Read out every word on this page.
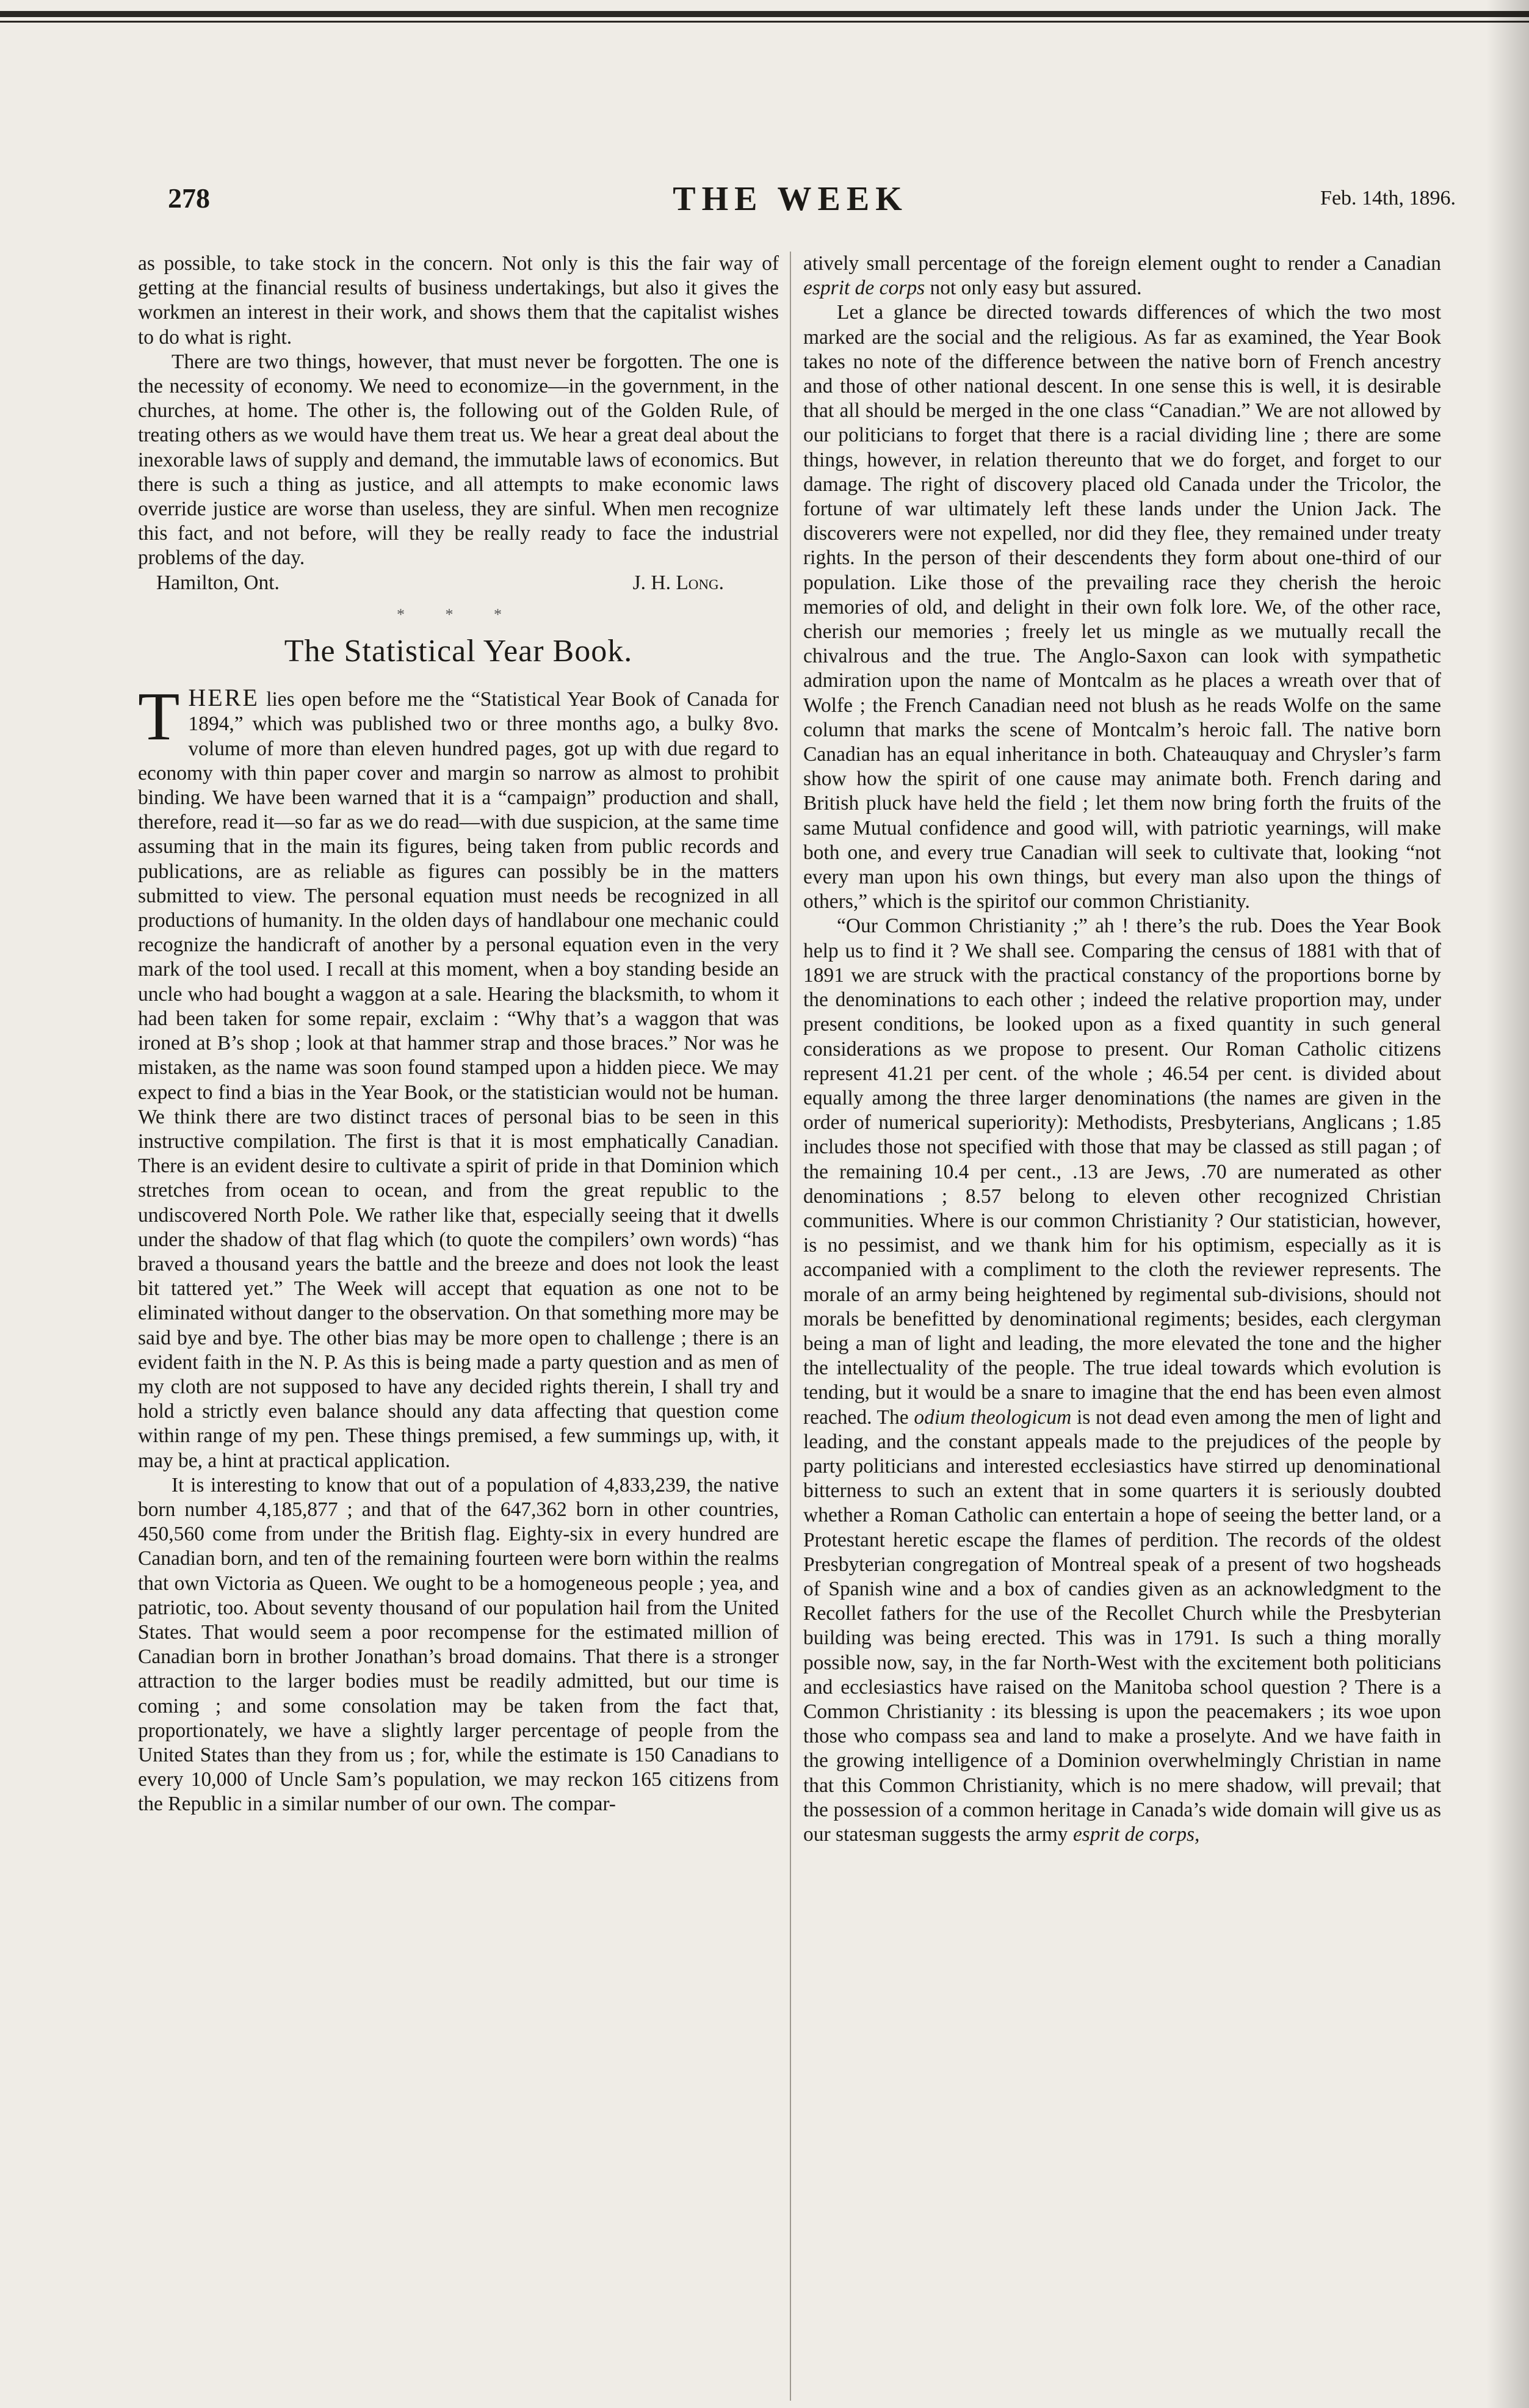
278	THE WEEK	Feb. 14th, 1896.

as possible, to take stock in the concern. Not only is this the fair way of getting at the financial results of business undertakings, but also it gives the workmen an interest in their work, and shows them that the capitalist wishes to do what is right.

There are two things, however, that must never be forgotten. The one is the necessity of economy. We need to economize—in the government, in the churches, at home. The other is, the following out of the Golden Rule, of treating others as we would have them treat us. We hear a great deal about the inexorable laws of supply and demand, the immutable laws of economics. But there is such a thing as justice, and all attempts to make economic laws override justice are worse than useless, they are sinful. When men recognize this fact, and not before, will they be really ready to face the industrial problems of the day.

Hamilton, Ont.	J. H. Long.
* * *
The Statistical Year Book.

THERE lies open before me the “Statistical Year Book of Canada for 1894,” which was published two or three months ago, a bulky 8vo. volume of more than eleven hundred pages, got up with due regard to economy with thin paper cover and margin so narrow as almost to prohibit binding. We have been warned that it is a “campaign” production and shall, therefore, read it—so far as we do read—with due suspicion, at the same time assuming that in the main its figures, being taken from public records and publications, are as reliable as figures can possibly be in the matters submitted to view. The personal equation must needs be recognized in all productions of humanity. In the olden days of handlabour one mechanic could recognize the handicraft of another by a personal equation even in the very mark of the tool used. I recall at this moment, when a boy standing beside an uncle who had bought a waggon at a sale. Hearing the blacksmith, to whom it had been taken for some repair, exclaim : “Why that’s a waggon that was ironed at B’s shop ; look at that hammer strap and those braces.” Nor was he mistaken, as the name was soon found stamped upon a hidden piece. We may expect to find a bias in the Year Book, or the statistician would not be human. We think there are two distinct traces of personal bias to be seen in this instructive compilation. The first is that it is most emphatically Canadian. There is an evident desire to cultivate a spirit of pride in that Dominion which stretches from ocean to ocean, and from the great republic to the undiscovered North Pole. We rather like that, especially seeing that it dwells under the shadow of that flag which (to quote the compilers’ own words) “has braved a thousand years the battle and the breeze and does not look the least bit tattered yet.” The Week will accept that equation as one not to be eliminated without danger to the observation. On that something more may be said bye and bye. The other bias may be more open to challenge ; there is an evident faith in the N. P. As this is being made a party question and as men of my cloth are not supposed to have any decided rights therein, I shall try and hold a strictly even balance should any data affecting that question come within range of my pen. These things premised, a few summings up, with, it may be, a hint at practical application.

It is interesting to know that out of a population of 4,833,239, the native born number 4,185,877 ; and that of the 647,362 born in other countries, 450,560 come from under the British flag. Eighty-six in every hundred are Canadian born, and ten of the remaining fourteen were born within the realms that own Victoria as Queen. We ought to be a homogeneous people ; yea, and patriotic, too. About seventy thousand of our population hail from the United States. That would seem a poor recompense for the estimated million of Canadian born in brother Jonathan’s broad domains. That there is a stronger attraction to the larger bodies must be readily admitted, but our time is coming ; and some consolation may be taken from the fact that, proportionately, we have a slightly larger percentage of people from the United States than they from us ; for, while the estimate is 150 Canadians to every 10,000 of Uncle Sam’s population, we may reckon 165 citizens from the Republic in a similar number of our own. The compar-

atively small percentage of the foreign element ought to render a Canadian esprit de corps not only easy but assured.

Let a glance be directed towards differences of which the two most marked are the social and the religious. As far as examined, the Year Book takes no note of the difference between the native born of French ancestry and those of other national descent. In one sense this is well, it is desirable that all should be merged in the one class “Canadian.” We are not allowed by our politicians to forget that there is a racial dividing line ; there are some things, however, in relation thereunto that we do forget, and forget to our damage. The right of discovery placed old Canada under the Tricolor, the fortune of war ultimately left these lands under the Union Jack. The discoverers were not expelled, nor did they flee, they remained under treaty rights. In the person of their descendents they form about one-third of our population. Like those of the prevailing race they cherish the heroic memories of old, and delight in their own folk lore. We, of the other race, cherish our memories ; freely let us mingle as we mutually recall the chivalrous and the true. The Anglo-Saxon can look with sympathetic admiration upon the name of Montcalm as he places a wreath over that of Wolfe ; the French Canadian need not blush as he reads Wolfe on the same column that marks the scene of Montcalm’s heroic fall. The native born Canadian has an equal inheritance in both. Chateauquay and Chrysler’s farm show how the spirit of one cause may animate both. French daring and British pluck have held the field ; let them now bring forth the fruits of the same Mutual confidence and good will, with patriotic yearnings, will make both one, and every true Canadian will seek to cultivate that, looking “not every man upon his own things, but every man also upon the things of others,” which is the spiritof our common Christianity.

“Our Common Christianity ;” ah ! there’s the rub. Does the Year Book help us to find it ? We shall see. Comparing the census of 1881 with that of 1891 we are struck with the practical constancy of the proportions borne by the denominations to each other ; indeed the relative proportion may, under present conditions, be looked upon as a fixed quantity in such general considerations as we propose to present. Our Roman Catholic citizens represent 41.21 per cent. of the whole ; 46.54 per cent. is divided about equally among the three larger denominations (the names are given in the order of numerical superiority): Methodists, Presbyterians, Anglicans ; 1.85 includes those not specified with those that may be classed as still pagan ; of the remaining 10.4 per cent., .13 are Jews, .70 are numerated as other denominations ; 8.57 belong to eleven other recognized Christian communities. Where is our common Christianity ? Our statistician, however, is no pessimist, and we thank him for his optimism, especially as it is accompanied with a compliment to the cloth the reviewer represents. The morale of an army being heightened by regimental sub-divisions, should not morals be benefitted by denominational regiments; besides, each clergyman being a man of light and leading, the more elevated the tone and the higher the intellectuality of the people. The true ideal towards which evolution is tending, but it would be a snare to imagine that the end has been even almost reached. The odium theologicum is not dead even among the men of light and leading, and the constant appeals made to the prejudices of the people by party politicians and interested ecclesiastics have stirred up denominational bitterness to such an extent that in some quarters it is seriously doubted whether a Roman Catholic can entertain a hope of seeing the better land, or a Protestant heretic escape the flames of perdition. The records of the oldest Presbyterian congregation of Montreal speak of a present of two hogsheads of Spanish wine and a box of candies given as an acknowledgment to the Recollet fathers for the use of the Recollet Church while the Presbyterian building was being erected. This was in 1791. Is such a thing morally possible now, say, in the far North-West with the excitement both politicians and ecclesiastics have raised on the Manitoba school question ? There is a Common Christianity : its blessing is upon the peacemakers ; its woe upon those who compass sea and land to make a proselyte. And we have faith in the growing intelligence of a Dominion overwhelmingly Christian in name that this Common Christianity, which is no mere shadow, will prevail; that the possession of a common heritage in Canada’s wide domain will give us as our statesman suggests the army esprit de corps,
